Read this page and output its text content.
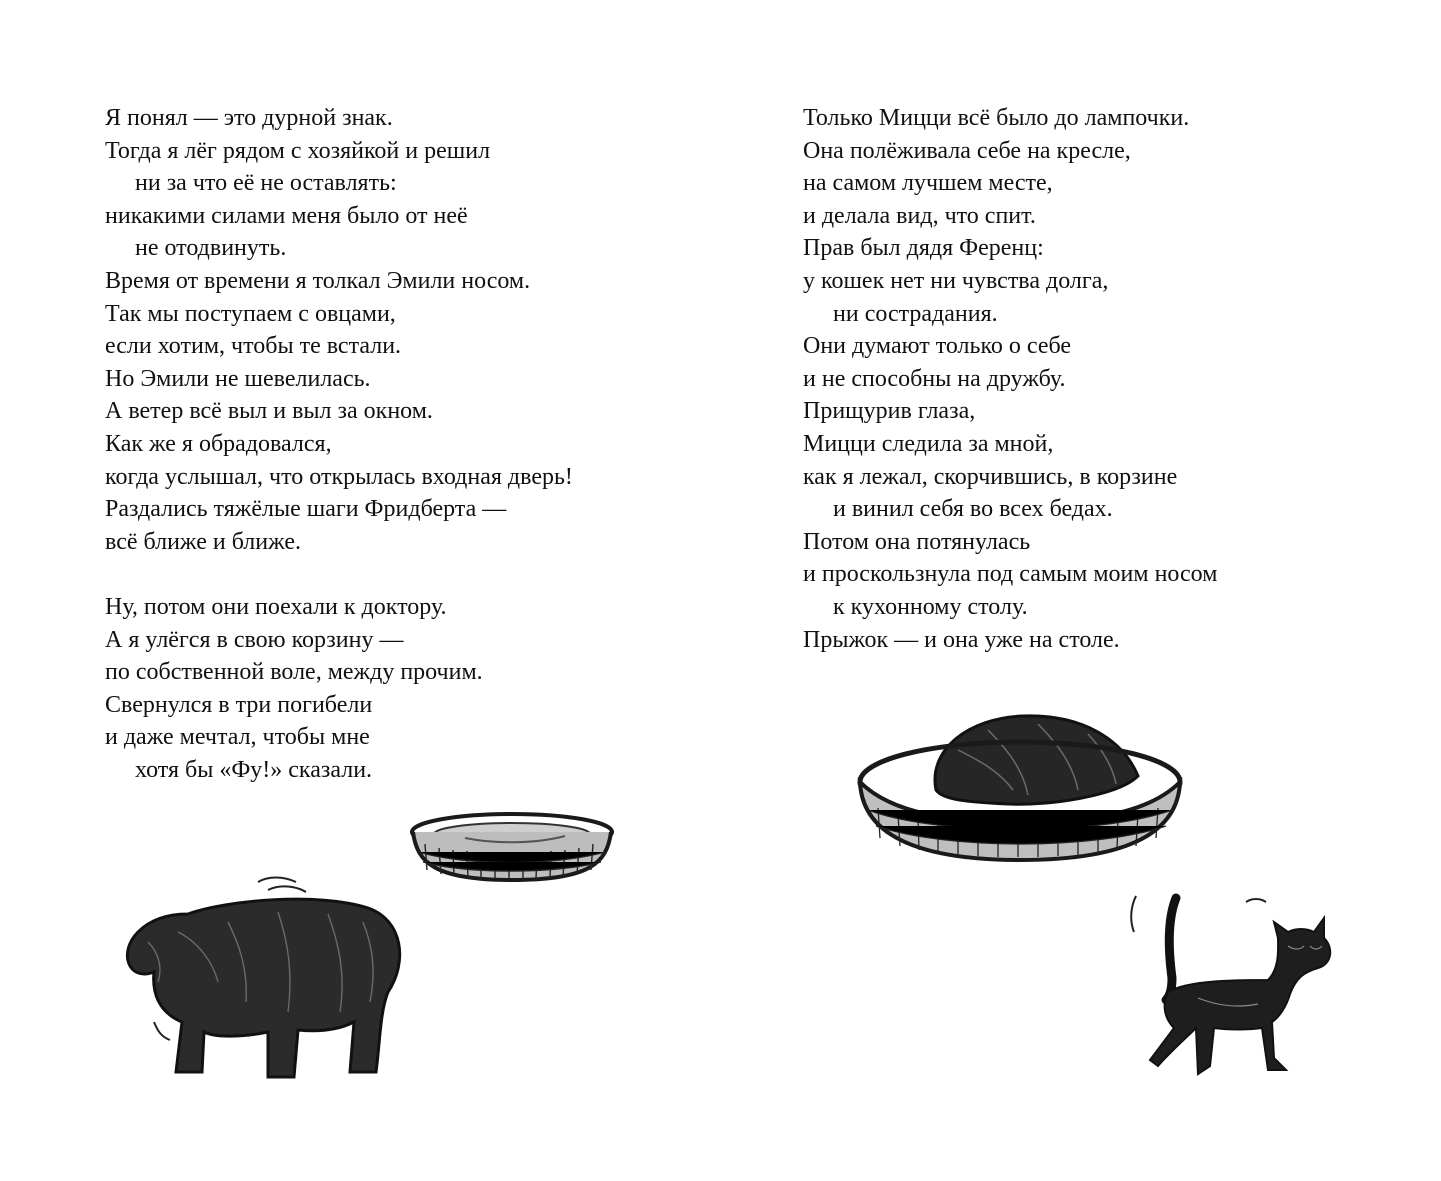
Я понял — это дурной знак.
Тогда я лёг рядом с хозяйкой и решил
ни за что её не оставлять:
никакими силами меня было от неё
не отодвинуть.
Время от времени я толкал Эмили носом.
Так мы поступаем с овцами,
если хотим, чтобы те встали.
Но Эмили не шевелилась.
А ветер всё выл и выл за окном.
Как же я обрадовался,
когда услышал, что открылась входная дверь!
Раздались тяжёлые шаги Фридберта —
всё ближе и ближе.
Ну, потом они поехали к доктору.
А я улёгся в свою корзину —
по собственной воле, между прочим.
Свернулся в три погибели
и даже мечтал, чтобы мне
хотя бы «Фу!» сказали.
Только Мицци всё было до лампочки.
Она полёживала себе на кресле,
на самом лучшем месте,
и делала вид, что спит.
Прав был дядя Ференц:
у кошек нет ни чувства долга,
ни сострадания.
Они думают только о себе
и не способны на дружбу.
Прищурив глаза,
Мицци следила за мной,
как я лежал, скорчившись, в корзине
и винил себя во всех бедах.
Потом она потянулась
и проскользнула под самым моим носом
к кухонному столу.
Прыжок — и она уже на столе.
